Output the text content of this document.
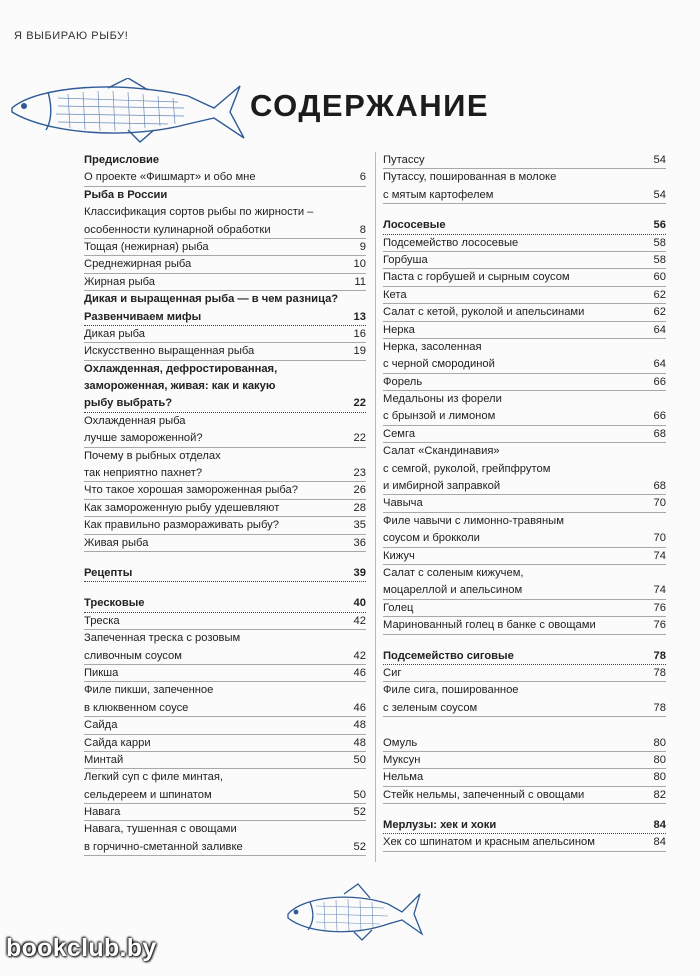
Я ВЫБИРАЮ РЫБУ!
СОДЕРЖАНИЕ
Предисловие
О проекте «Фишмарт» и обо мне	6
Рыба в России
Классификация сортов рыбы по жирности –
особенности кулинарной обработки	8
Тощая (нежирная) рыба	9
Среднежирная рыба	10
Жирная рыба	11
Дикая и выращенная рыба — в чем разница?
Развенчиваем мифы	13
Дикая рыба	16
Искусственно выращенная рыба	19
Охлажденная, дефростированная,
замороженная, живая: как и какую
рыбу выбрать?	22
Охлажденная рыба
лучше замороженной?	22
Почему в рыбных отделах
так неприятно пахнет?	23
Что такое хорошая замороженная рыба?	26
Как замороженную рыбу удешевляют	28
Как правильно размораживать рыбу?	35
Живая рыба	36
Рецепты	39
Тресковые	40
Треска	42
Запеченная треска с розовым
сливочным соусом	42
Пикша	46
Филе пикши, запеченное
в клюквенном соусе	46
Сайда	48
Сайда карри	48
Минтай	50
Легкий суп с филе минтая,
сельдереем и шпинатом	50
Навага	52
Навага, тушенная с овощами
в горчично-сметанной заливке	52
Путассу	54
Путассу, пошированная в молоке
с мятым картофелем	54
Лососевые	56
Подсемейство лососевые	58
Горбуша	58
Паста с горбушей и сырным соусом	60
Кета	62
Салат с кетой, руколой и апельсинами	62
Нерка	64
Нерка, засоленная
с черной смородиной	64
Форель	66
Медальоны из форели
с брынзой и лимоном	66
Семга	68
Салат «Скандинавия»
с семгой, руколой, грейпфрутом
и имбирной заправкой	68
Чавыча	70
Филе чавычи с лимонно-травяным
соусом и брокколи	70
Кижуч	74
Салат с соленым кижучем,
моцареллой и апельсином	74
Голец	76
Маринованный голец в банке с овощами	76
Подсемейство сиговые	78
Сиг	78
Филе сига, пошированное
с зеленым соусом	78
Омуль	80
Муксун	80
Нельма	80
Стейк нельмы, запеченный с овощами	82
Мерлузы: хек и хоки	84
Хек со шпинатом и красным апельсином	84
bookclub.by
